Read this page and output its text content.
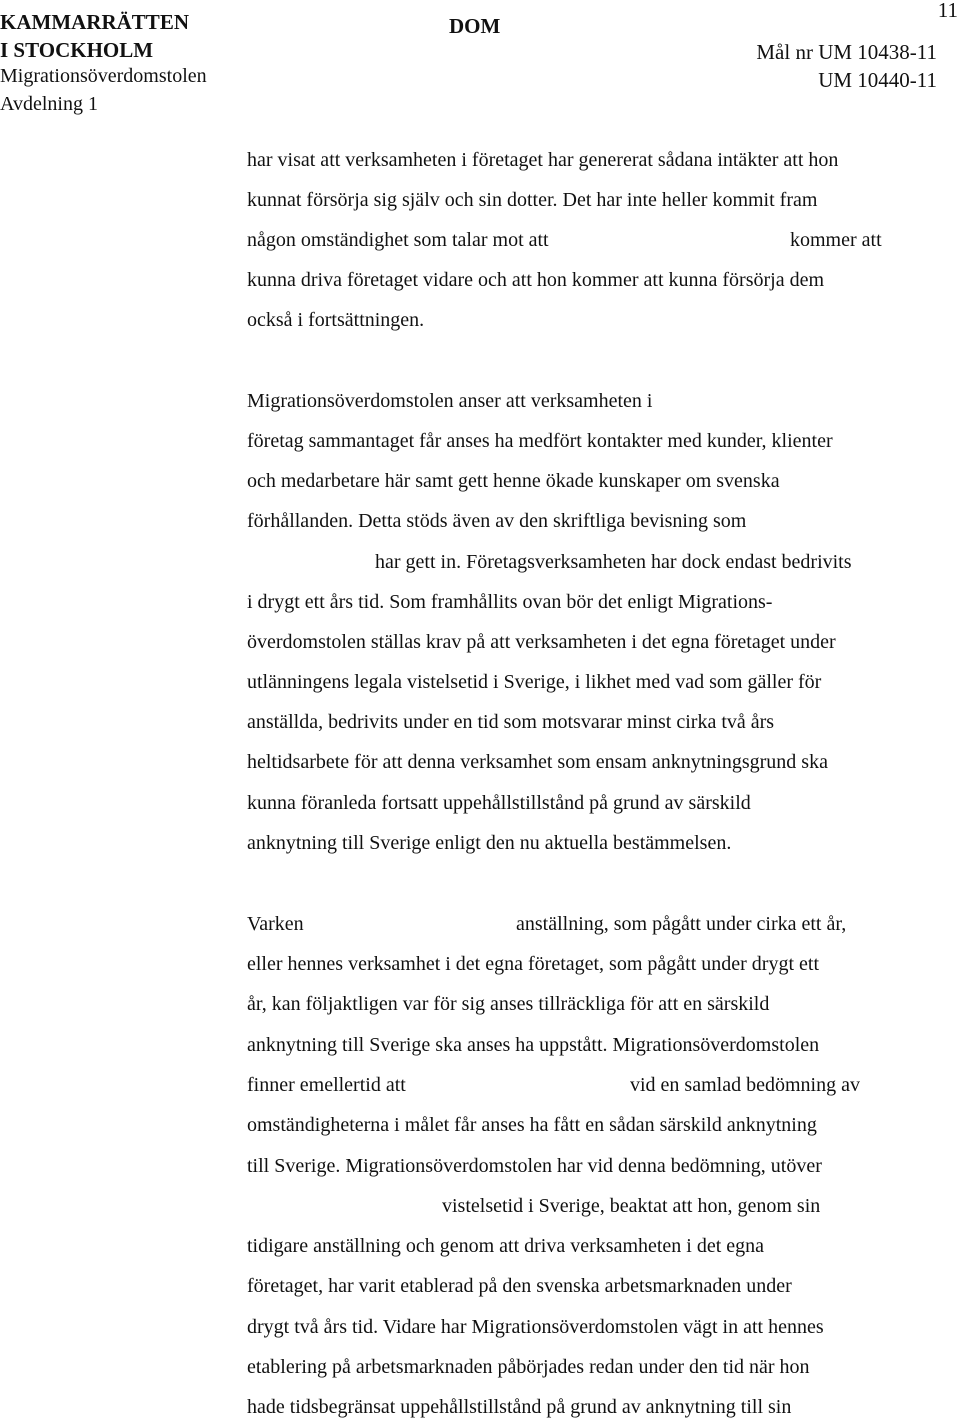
KAMMARRÄTTEN
I STOCKHOLM
Migrationsöverdomstolen
Avdelning 1
DOM
Mål nr UM 10438-11
UM 10440-11
11
har visat att verksamheten i företaget har genererat sådana intäkter att hon
kunnat försörja sig själv och sin dotter. Det har inte heller kommit fram
någon omständighet som talar mot att	kommer att
kunna driva företaget vidare och att hon kommer att kunna försörja dem
också i fortsättningen.
Migrationsöverdomstolen anser att verksamheten i
företag sammantaget får anses ha medfört kontakter med kunder, klienter
och medarbetare här samt gett henne ökade kunskaper om svenska
förhållanden. Detta stöds även av den skriftliga bevisning som
har gett in. Företagsverksamheten har dock endast bedrivits
i drygt ett års tid. Som framhållits ovan bör det enligt Migrations-
överdomstolen ställas krav på att verksamheten i det egna företaget under
utlänningens legala vistelsetid i Sverige, i likhet med vad som gäller för
anställda, bedrivits under en tid som motsvarar minst cirka två års
heltidsarbete för att denna verksamhet som ensam anknytningsgrund ska
kunna föranleda fortsatt uppehållstillstånd på grund av särskild
anknytning till Sverige enligt den nu aktuella bestämmelsen.
Varken	anställning, som pågått under cirka ett år,
eller hennes verksamhet i det egna företaget, som pågått under drygt ett
år, kan följaktligen var för sig anses tillräckliga för att en särskild
anknytning till Sverige ska anses ha uppstått. Migrationsöverdomstolen
finner emellertid att	vid en samlad bedömning av
omständigheterna i målet får anses ha fått en sådan särskild anknytning
till Sverige. Migrationsöverdomstolen har vid denna bedömning, utöver
vistelsetid i Sverige, beaktat att hon, genom sin
tidigare anställning och genom att driva verksamheten i det egna
företaget, har varit etablerad på den svenska arbetsmarknaden under
drygt två års tid. Vidare har Migrationsöverdomstolen vägt in att hennes
etablering på arbetsmarknaden påbörjades redan under den tid när hon
hade tidsbegränsat uppehållstillstånd på grund av anknytning till sin
